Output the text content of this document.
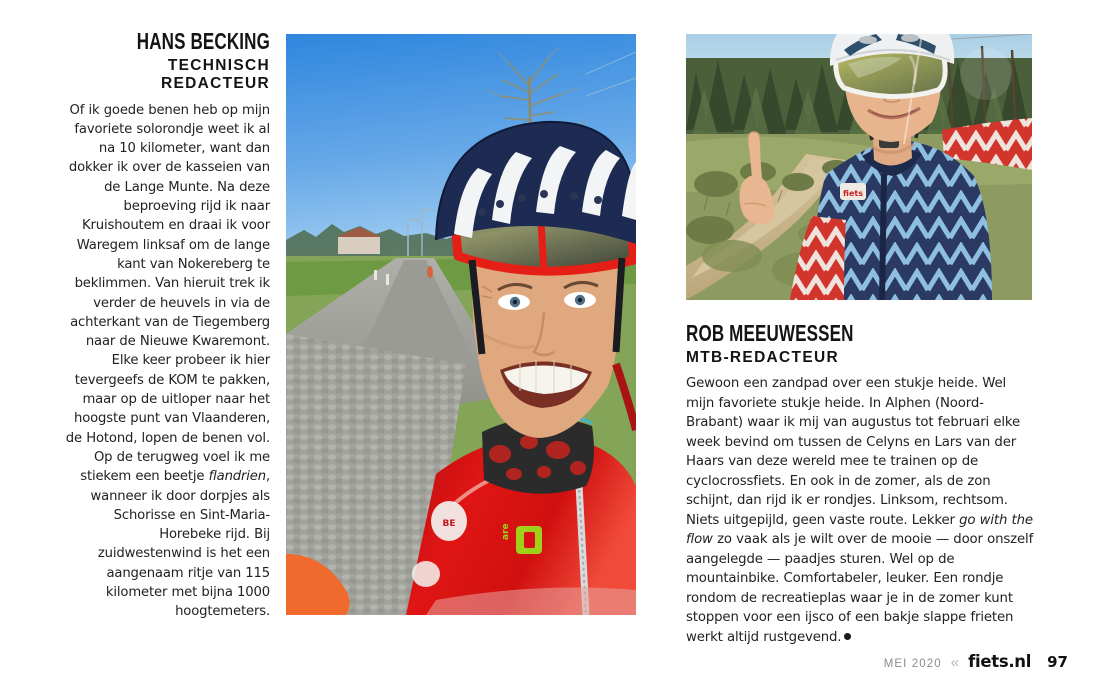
HANS BECKING
TECHNISCH REDACTEUR

Of ik goede benen heb op mijn favoriete solorondje weet ik al na 10 kilometer, want dan dokker ik over de kasseien van de Lange Munte. Na deze beproeving rijd ik naar Kruishoutem en draai ik voor Waregem linksaf om de lange kant van Nokereberg te beklimmen. Van hieruit trek ik verder de heuvels in via de achterkant van de Tiegemberg naar de Nieuwe Kwaremont. Elke keer probeer ik hier tevergeefs de KOM te pakken, maar op de uitloper naar het hoogste punt van Vlaanderen, de Hotond, lopen de benen vol. Op de terugweg voel ik me stiekem een beetje flandrien, wanneer ik door dorpjes als Schorisse en Sint-Maria-Horebeke rijd. Bij zuidwestenwind is het een aangenaam ritje van 115 kilometer met bijna 1000 hoogtemeters.

BE	are
fiets
ROB MEEUWESSEN
MTB-REDACTEUR

Gewoon een zandpad over een stukje heide. Wel mijn favoriete stukje heide. In Alphen (Noord-Brabant) waar ik mij van augustus tot februari elke week bevind om tussen de Celyns en Lars van der Haars van deze wereld mee te trainen op de cyclocrossfiets. En ook in de zomer, als de zon schijnt, dan rijd ik er rondjes. Linksom, rechtsom. Niets uitgepijld, geen vaste route. Lekker go with the flow zo vaak als je wilt over de mooie — door onszelf aangelegde — paadjes sturen. Wel op de mountainbike. Comfortabeler, leuker. Een rondje rondom de recreatieplas waar je in de zomer kunt stoppen voor een ijsco of een bakje slappe frieten werkt altijd rustgevend.

MEI 2020 « fiets.nl 97
